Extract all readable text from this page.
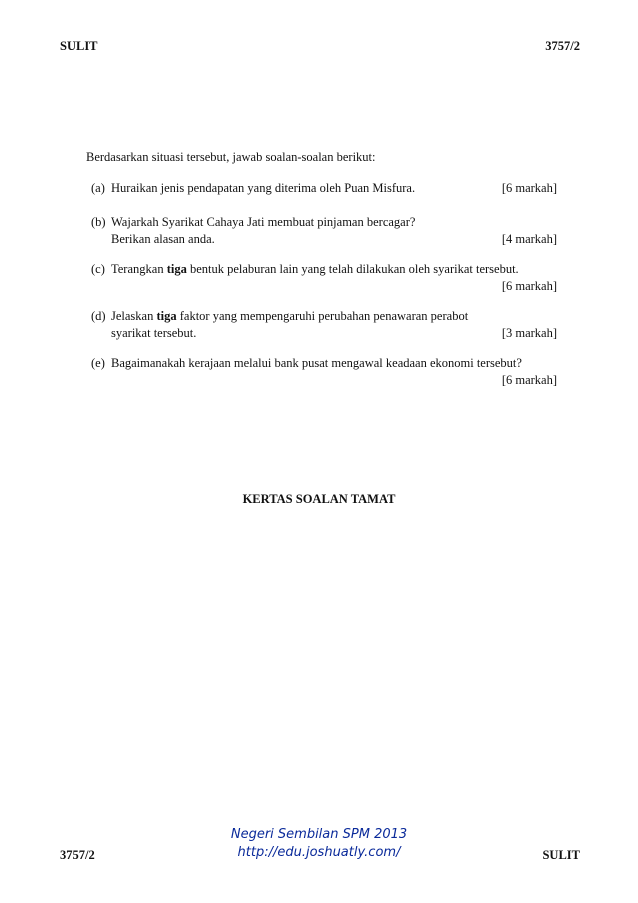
SULIT	3757/2
Berdasarkan situasi tersebut, jawab soalan-soalan berikut:
(a) Huraikan jenis pendapatan yang diterima oleh Puan Misfura.	[6 markah]
(b) Wajarkah Syarikat Cahaya Jati membuat pinjaman bercagar?
Berikan alasan anda.	[4 markah]
(c) Terangkan tiga bentuk pelaburan lain yang telah dilakukan oleh syarikat tersebut.
[6 markah]
(d) Jelaskan tiga faktor yang mempengaruhi perubahan penawaran perabot
syarikat tersebut.	[3 markah]
(e) Bagaimanakah kerajaan melalui bank pusat mengawal keadaan ekonomi tersebut?
[6 markah]
KERTAS SOALAN TAMAT
Negeri Sembilan SPM 2013
http://edu.joshuatly.com/
3757/2	SULIT
